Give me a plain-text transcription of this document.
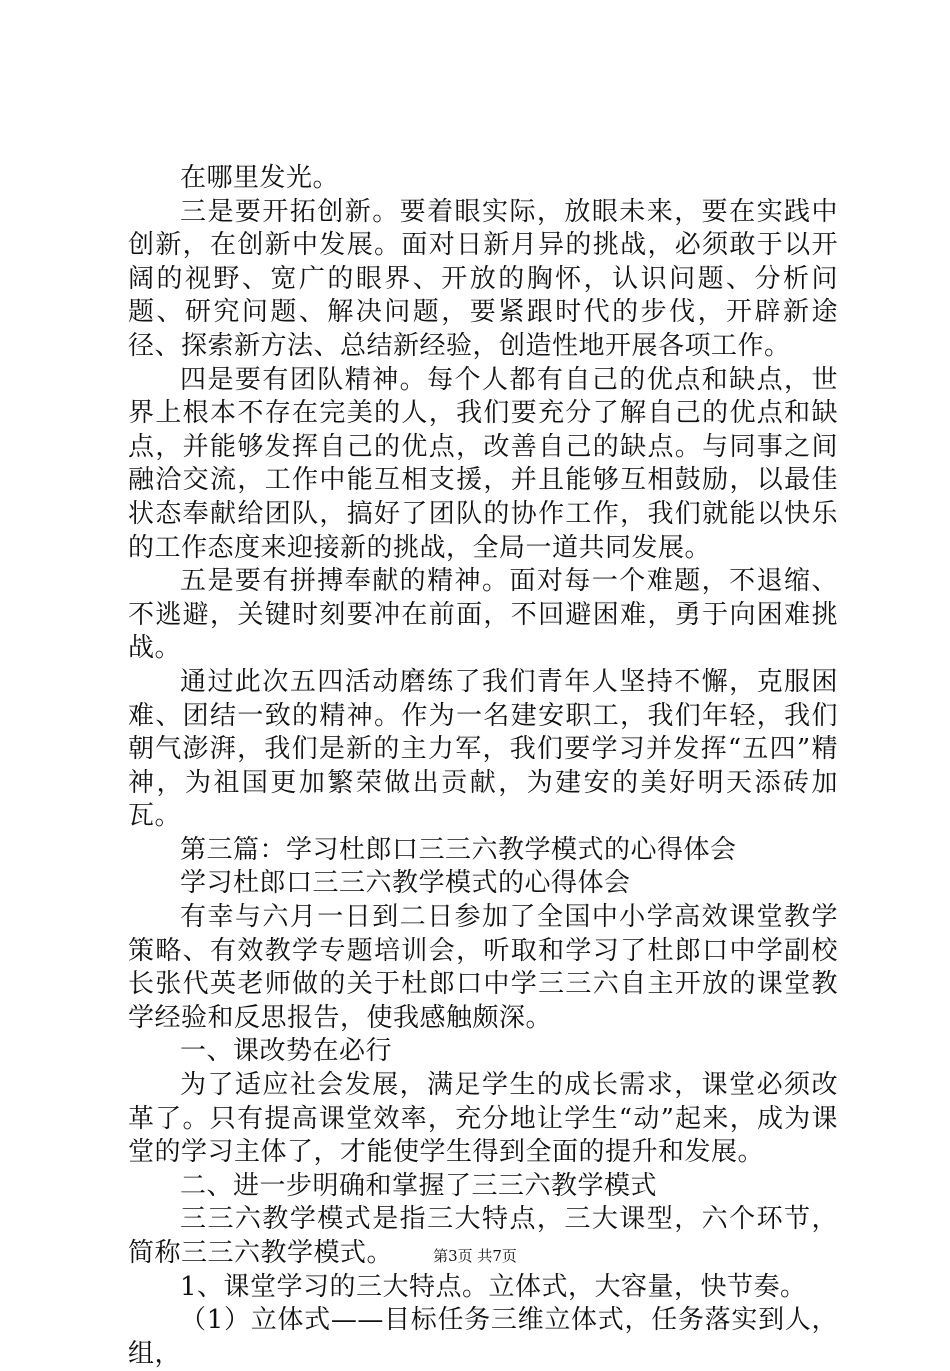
在哪里发光。

三是要开拓创新。要着眼实际，放眼未来，要在实践中创新，在创新中发展。面对日新月异的挑战，必须敢于以开阔的视野、宽广的眼界、开放的胸怀，认识问题、分析问题、研究问题、解决问题，要紧跟时代的步伐，开辟新途径、探索新方法、总结新经验，创造性地开展各项工作。

四是要有团队精神。每个人都有自己的优点和缺点，世界上根本不存在完美的人，我们要充分了解自己的优点和缺点，并能够发挥自己的优点，改善自己的缺点。与同事之间融洽交流，工作中能互相支援，并且能够互相鼓励，以最佳状态奉献给团队，搞好了团队的协作工作，我们就能以快乐的工作态度来迎接新的挑战，全局一道共同发展。

五是要有拼搏奉献的精神。面对每一个难题，不退缩、不逃避，关键时刻要冲在前面，不回避困难，勇于向困难挑战。

通过此次五四活动磨练了我们青年人坚持不懈，克服困难、团结一致的精神。作为一名建安职工，我们年轻，我们朝气澎湃，我们是新的主力军，我们要学习并发挥“五四”精神，为祖国更加繁荣做出贡献，为建安的美好明天添砖加瓦。

第三篇：学习杜郎口三三六教学模式的心得体会

学习杜郎口三三六教学模式的心得体会

有幸与六月一日到二日参加了全国中小学高效课堂教学策略、有效教学专题培训会，听取和学习了杜郎口中学副校长张代英老师做的关于杜郎口中学三三六自主开放的课堂教学经验和反思报告，使我感触颇深。

一、课改势在必行

为了适应社会发展，满足学生的成长需求，课堂必须改革了。只有提高课堂效率，充分地让学生“动”起来，成为课堂的学习主体了，才能使学生得到全面的提升和发展。

二、进一步明确和掌握了三三六教学模式

三三六教学模式是指三大特点，三大课型，六个环节，简称三三六教学模式。

1、课堂学习的三大特点。立体式，大容量，快节奏。

（1）立体式——目标任务三维立体式，任务落实到人，组，

第3页 共7页
